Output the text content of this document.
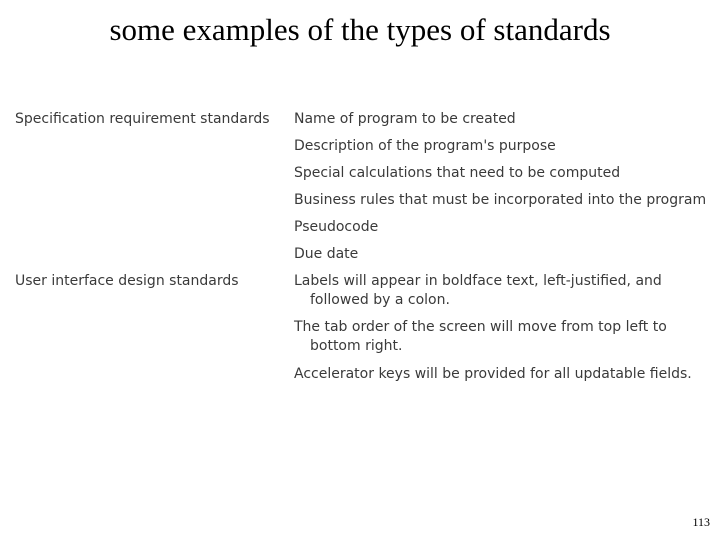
some examples of the types of standards
Specification requirement standards Name of program to be created
Description of the program's purpose
Special calculations that need to be computed
Business rules that must be incorporated into the program
Pseudocode
Due date
User interface design standards	Labels will appear in boldface text, left-justified, and
followed by a colon.
The tab order of the screen will move from top left to
bottom right.
Accelerator keys will be provided for all updatable fields.
113
